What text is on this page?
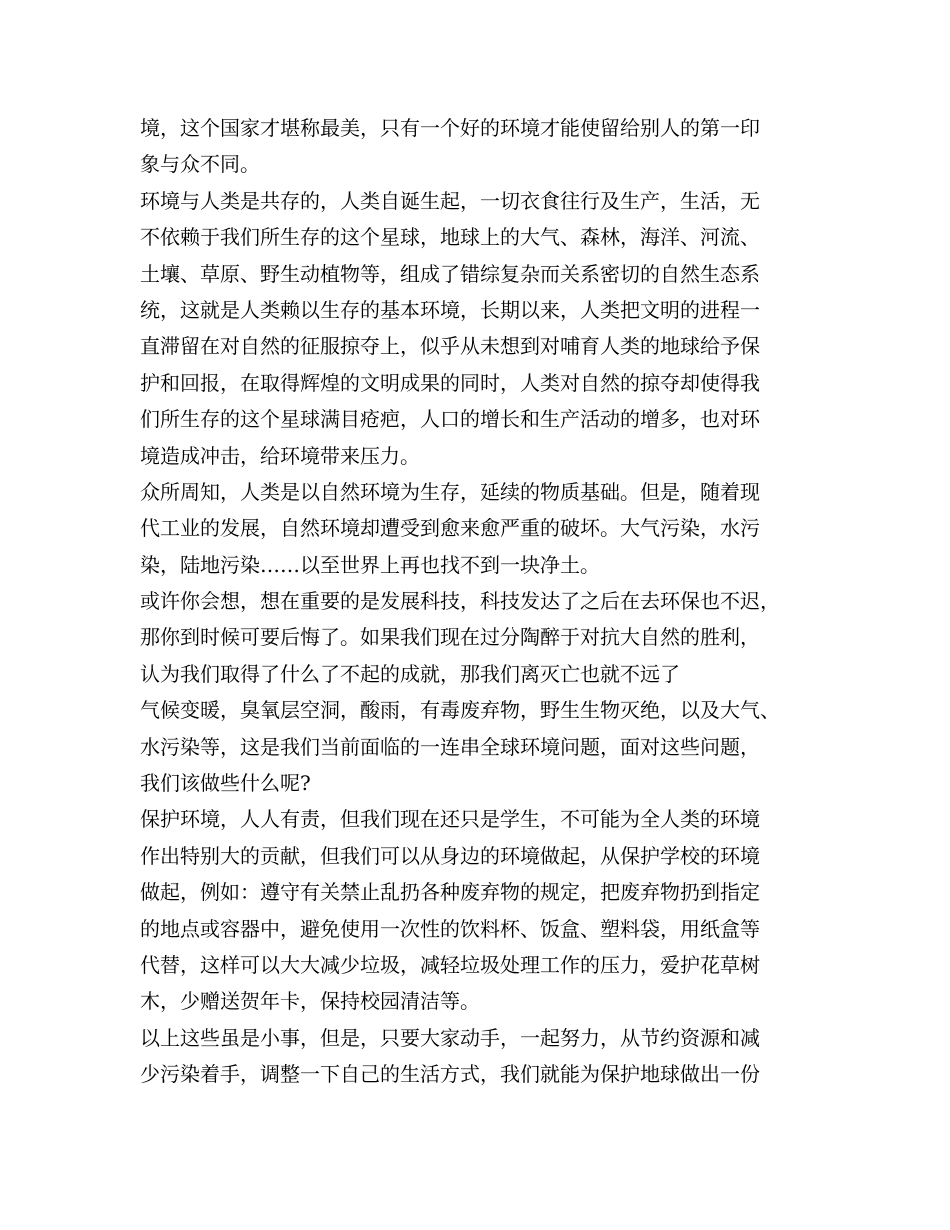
境，这个国家才堪称最美，只有一个好的环境才能使留给别人的第一印
象与众不同。
环境与人类是共存的，人类自诞生起，一切衣食往行及生产，生活，无
不依赖于我们所生存的这个星球，地球上的大气、森林，海洋、河流、
土壤、草原、野生动植物等，组成了错综复杂而关系密切的自然生态系
统，这就是人类赖以生存的基本环境，长期以来，人类把文明的进程一
直滞留在对自然的征服掠夺上，似乎从未想到对哺育人类的地球给予保
护和回报，在取得辉煌的文明成果的同时，人类对自然的掠夺却使得我
们所生存的这个星球满目疮疤，人口的增长和生产活动的增多，也对环
境造成冲击，给环境带来压力。
众所周知，人类是以自然环境为生存，延续的物质基础。但是，随着现
代工业的发展，自然环境却遭受到愈来愈严重的破坏。大气污染，水污
染，陆地污染……以至世界上再也找不到一块净土。
或许你会想，想在重要的是发展科技，科技发达了之后在去环保也不迟，
那你到时候可要后悔了。如果我们现在过分陶醉于对抗大自然的胜利，
认为我们取得了什么了不起的成就，那我们离灭亡也就不远了
气候变暖，臭氧层空洞，酸雨，有毒废弃物，野生生物灭绝，以及大气、
水污染等，这是我们当前面临的一连串全球环境问题，面对这些问题，
我们该做些什么呢?
保护环境，人人有责，但我们现在还只是学生，不可能为全人类的环境
作出特别大的贡献，但我们可以从身边的环境做起，从保护学校的环境
做起，例如：遵守有关禁止乱扔各种废弃物的规定，把废弃物扔到指定
的地点或容器中，避免使用一次性的饮料杯、饭盒、塑料袋，用纸盒等
代替，这样可以大大减少垃圾，减轻垃圾处理工作的压力，爱护花草树
木，少赠送贺年卡，保持校园清洁等。
以上这些虽是小事，但是，只要大家动手，一起努力，从节约资源和减
少污染着手，调整一下自己的生活方式，我们就能为保护地球做出一份
